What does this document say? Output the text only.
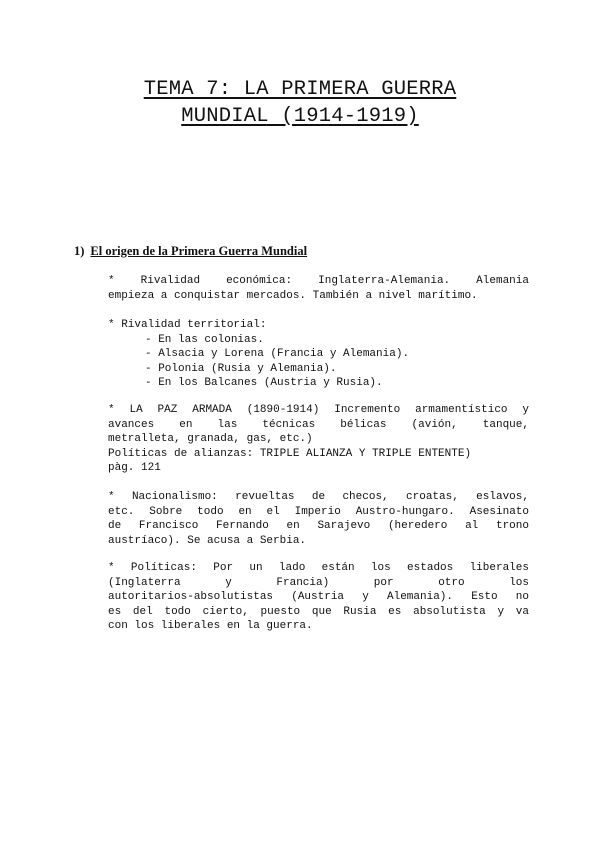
TEMA 7: LA PRIMERA GUERRA
MUNDIAL (1914-1919)
1) El origen de la Primera Guerra Mundial
* Rivalidad económica: Inglaterra-Alemania. Alemania
empieza a conquistar mercados. También a nivel marítimo.
* Rivalidad territorial:
- En las colonias.
- Alsacia y Lorena (Francia y Alemania).
- Polonia (Rusia y Alemania).
- En los Balcanes (Austria y Rusia).
* LA PAZ ARMADA (1890-1914) Incremento armamentístico y
avances en las técnicas bélicas (avión, tanque,
metralleta, granada, gas, etc.)
Políticas de alianzas: TRIPLE ALIANZA Y TRIPLE ENTENTE)
pàg. 121
* Nacionalismo: revueltas de checos, croatas, eslavos,
etc. Sobre todo en el Imperio Austro-hungaro. Asesinato
de Francisco Fernando en Sarajevo (heredero al trono
austríaco). Se acusa a Serbia.
* Políticas: Por un lado están los estados liberales
(Inglaterra y Francia) por otro los
autoritarios-absolutistas (Austria y Alemania). Esto no
es del todo cierto, puesto que Rusia es absolutista y va
con los liberales en la guerra.
